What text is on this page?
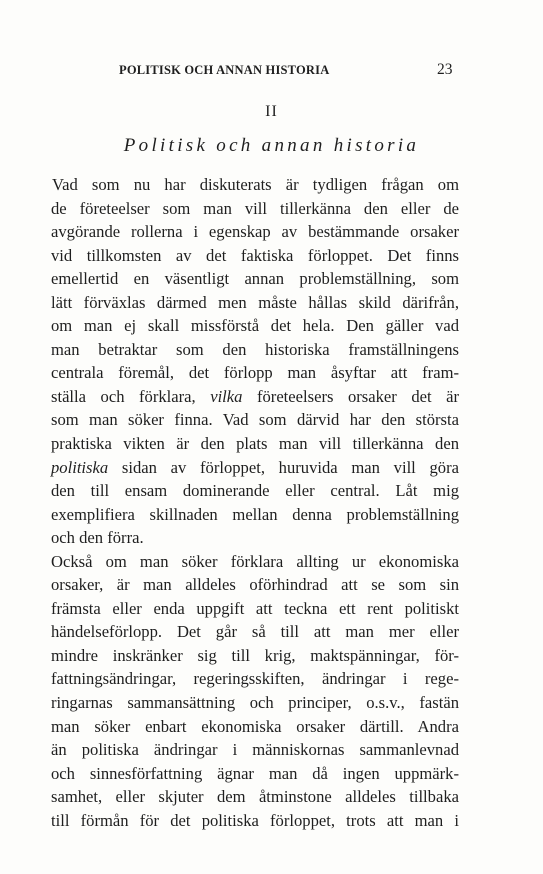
POLITISK OCH ANNAN HISTORIA	23
II
Politisk och annan historia
Vad som nu har diskuterats är tydligen frågan om
de företeelser som man vill tillerkänna den eller de
avgörande rollerna i egenskap av bestämmande orsaker
vid tillkomsten av det faktiska förloppet. Det finns
emellertid en väsentligt annan problemställning, som
lätt förväxlas därmed men måste hållas skild därifrån,
om man ej skall missförstå det hela. Den gäller vad
man betraktar som den historiska framställningens
centrala föremål, det förlopp man åsyftar att fram-
ställa och förklara, vilka företeelsers orsaker det är
som man söker finna. Vad som därvid har den största
praktiska vikten är den plats man vill tillerkänna den
politiska sidan av förloppet, huruvida man vill göra
den till ensam dominerande eller central. Låt mig
exemplifiera skillnaden mellan denna problemställning
och den förra.
Också om man söker förklara allting ur ekonomiska
orsaker, är man alldeles oförhindrad att se som sin
främsta eller enda uppgift att teckna ett rent politiskt
händelseförlopp. Det går så till att man mer eller
mindre inskränker sig till krig, maktspänningar, för-
fattningsändringar, regeringsskiften, ändringar i rege-
ringarnas sammansättning och principer, o.s.v., fastän
man söker enbart ekonomiska orsaker därtill. Andra
än politiska ändringar i människornas sammanlevnad
och sinnesförfattning ägnar man då ingen uppmärk-
samhet, eller skjuter dem åtminstone alldeles tillbaka
till förmån för det politiska förloppet, trots att man i
